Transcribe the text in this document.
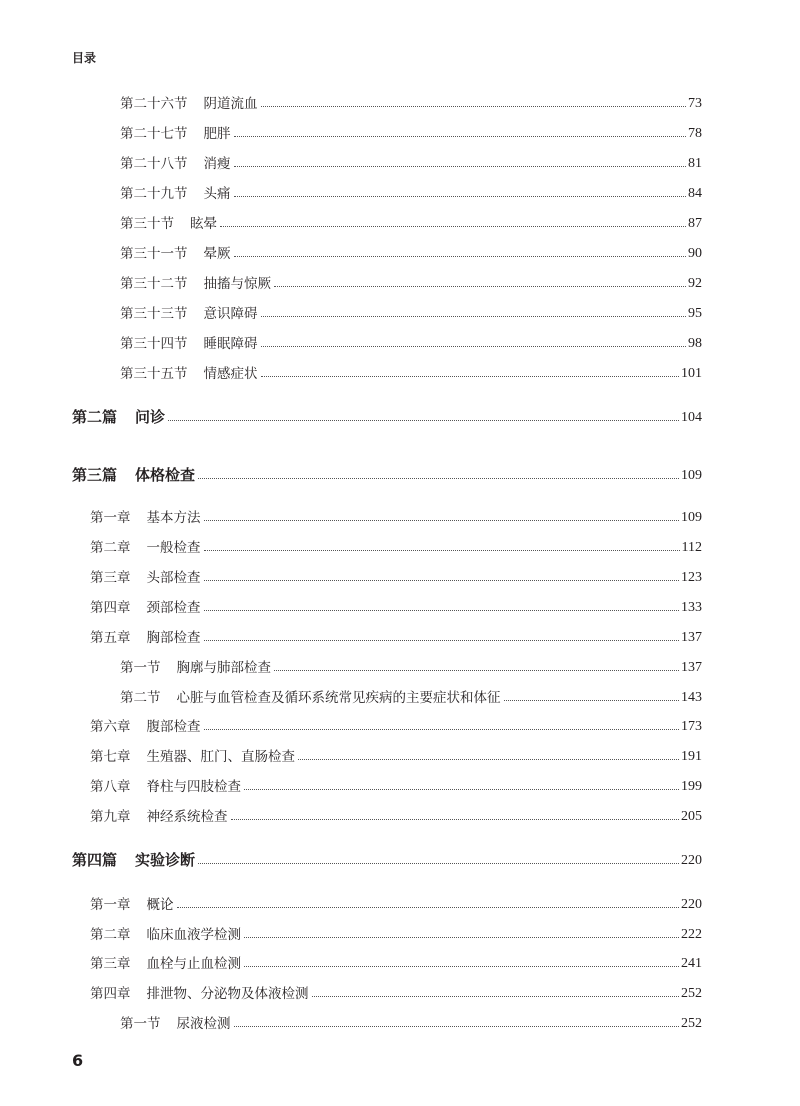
目录
第二十六节 阴道流血	73
第二十七节 肥胖	78
第二十八节 消瘦	81
第二十九节 头痛	84
第三十节 眩晕	87
第三十一节 晕厥	90
第三十二节 抽搐与惊厥	92
第三十三节 意识障碍	95
第三十四节 睡眠障碍	98
第三十五节 情感症状	101
第二篇 问诊	104
第三篇 体格检查	109
第一章 基本方法	109
第二章 一般检查	112
第三章 头部检查	123
第四章 颈部检查	133
第五章 胸部检查	137
第一节 胸廓与肺部检查	137
第二节 心脏与血管检查及循环系统常见疾病的主要症状和体征	143
第六章 腹部检查	173
第七章 生殖器、肛门、直肠检查	191
第八章 脊柱与四肢检查	199
第九章 神经系统检查	205
第四篇 实验诊断	220
第一章 概论	220
第二章 临床血液学检测	222
第三章 血栓与止血检测	241
第四章 排泄物、分泌物及体液检测	252
第一节 尿液检测	252
6
